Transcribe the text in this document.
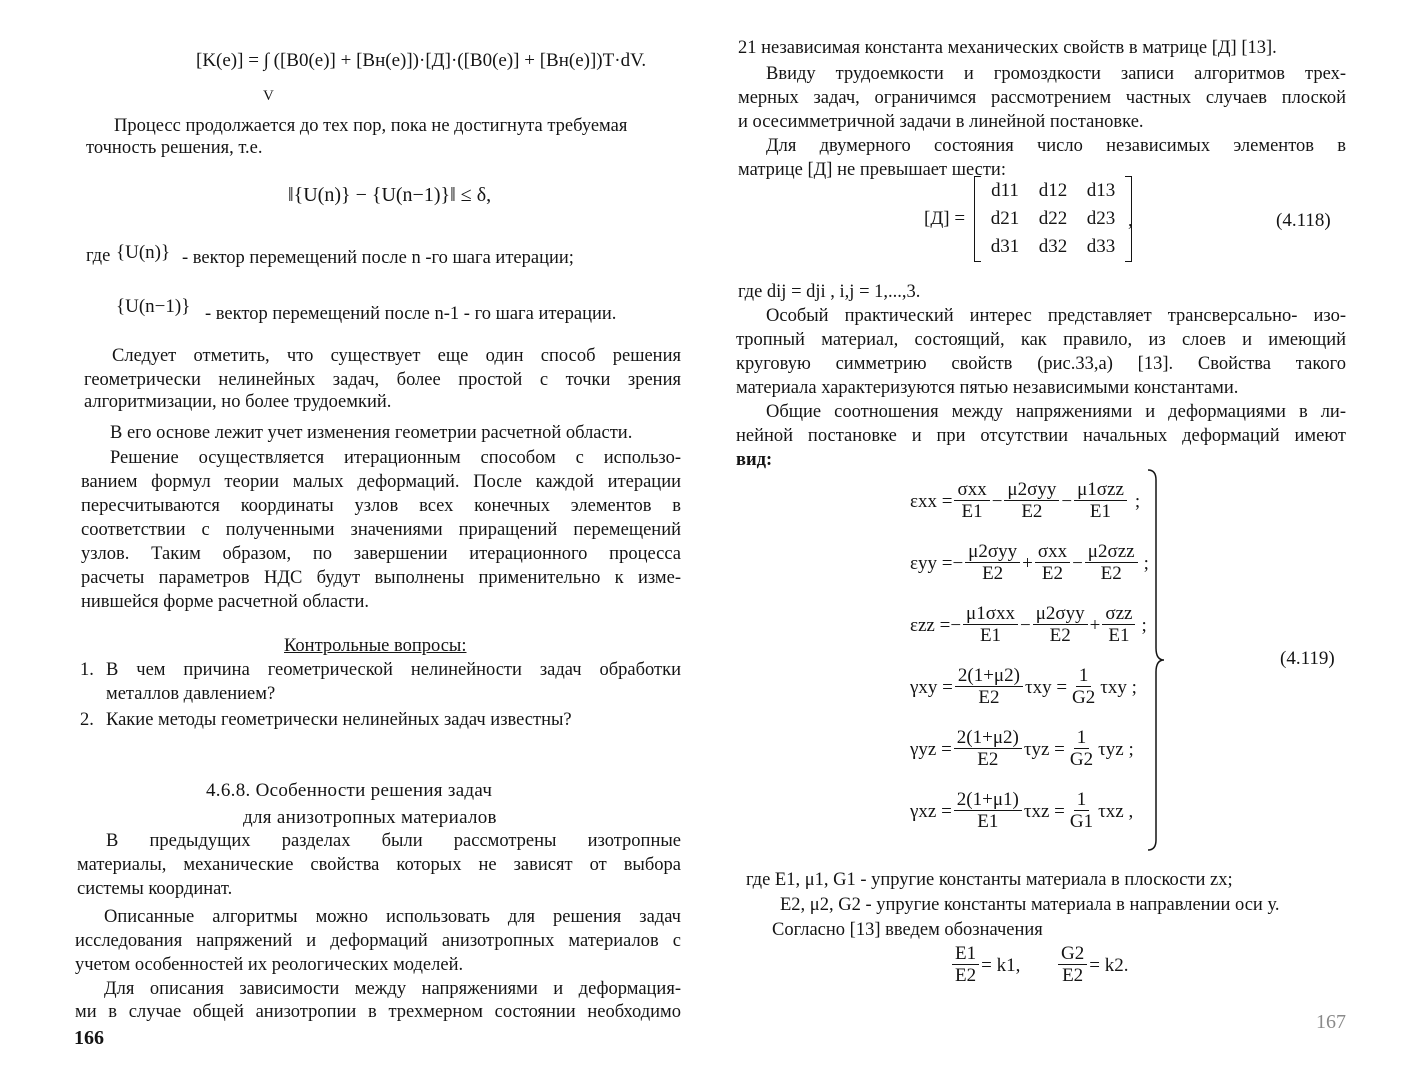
[K(e)] = ∫ ([B0(e)] + [Bн(e)])·[Д]·([B0(e)] + [Bн(e)])T·dV.
V
Процесс продолжается до тех пор, пока не достигнута требуемая
точность решения, т.е.
‖{U(n)} − {U(n−1)}‖ ≤ δ,
где {U(n)} - вектор перемещений после n -го шага итерации;
{U(n−1)} - вектор перемещений после n-1 - го шага итерации.
Следует отметить, что существует еще один способ решения
геометрически нелинейных задач, более простой с точки зрения
алгоритмизации, но более трудоемкий.
В его основе лежит учет изменения геометрии расчетной области.
Решение осуществляется итерационным способом с использо-
ванием формул теории малых деформаций. После каждой итерации
пересчитываются координаты узлов всех конечных элементов в
соответствии с полученными значениями приращений перемещений
узлов. Таким образом, по завершении итерационного процесса
расчеты параметров НДС будут выполнены применительно к изме-
нившейся форме расчетной области.
Контрольные вопросы:
1. В чем причина геометрической нелинейности задач обработки
металлов давлением?
2. Какие методы геометрически нелинейных задач известны?
4.6.8. Особенности решения задач
для анизотропных материалов
В предыдущих разделах были рассмотрены изотропные
материалы, механические свойства которых не зависят от выбора
системы координат.
Описанные алгоритмы можно использовать для решения задач
исследования напряжений и деформаций анизотропных материалов с
учетом особенностей их реологических моделей.
Для описания зависимости между напряжениями и деформация-
ми в случае общей анизотропии в трехмерном состоянии необходимо
166
21 независимая константа механических свойств в матрице [Д] [13].
Ввиду трудоемкости и громоздкости записи алгоритмов трех-
мерных задач, ограничимся рассмотрением частных случаев плоской
и осесимметричной задачи в линейной постановке.
Для двумерного состояния число независимых элементов в
матрице [Д] не превышает шести:
[Д] =
d11	d12	d13
d21	d22	d23
d31	d32	d33
,	(4.118)
где dij = dji , i,j = 1,...,3.
Особый практический интерес представляет трансверсально- изо-
тропный материал, состоящий, как правило, из слоев и имеющий
круговую симметрию свойств (рис.33,а) [13]. Свойства такого
материала характеризуются пятью независимыми константами.
Общие соотношения между напряжениями и деформациями в ли-
нейной постановке и при отсутствии начальных деформаций имеют
вид:
$\varepsilon xx = \frac{\text{σxx}}{E1} - \frac{\text{μ2σyy}}{E2} - \frac{\text{μ1σzz}}{E1}$ ;
εyy = − $\frac{\text{μ2σyy}}{E2} + \frac{\text{σxx}}{E2} - \frac{\text{μ2σzz}}{E2}$ ;
εzz = − $\frac{\text{μ1σxx}}{E1} - \frac{\text{μ2σyy}}{E2} + \frac{\text{σzz}}{E1}$ ;
$\gamma xy = \frac{2(1+\mu 2)}{E2}$ $\tau xy = \frac{1}{G2}$ τxy ;
$\gamma yz = \frac{2(1+\mu 2)}{E2}$ $\tau yz = \frac{1}{G2}$ τyz ;
$\gamma xz = \frac{2(1+\mu 1)}{E1}$ $\tau xz = \frac{1}{G1}$ τxz ,
(4.119)
где E1, μ1, G1 - упругие константы материала в плоскости zx;
E2, μ2, G2 - упругие константы материала в направлении оси у.
Согласно [13] введем обозначения
$\frac{E1}{E2} = k1$, $\frac{G2}{E2} = k2$.
167
